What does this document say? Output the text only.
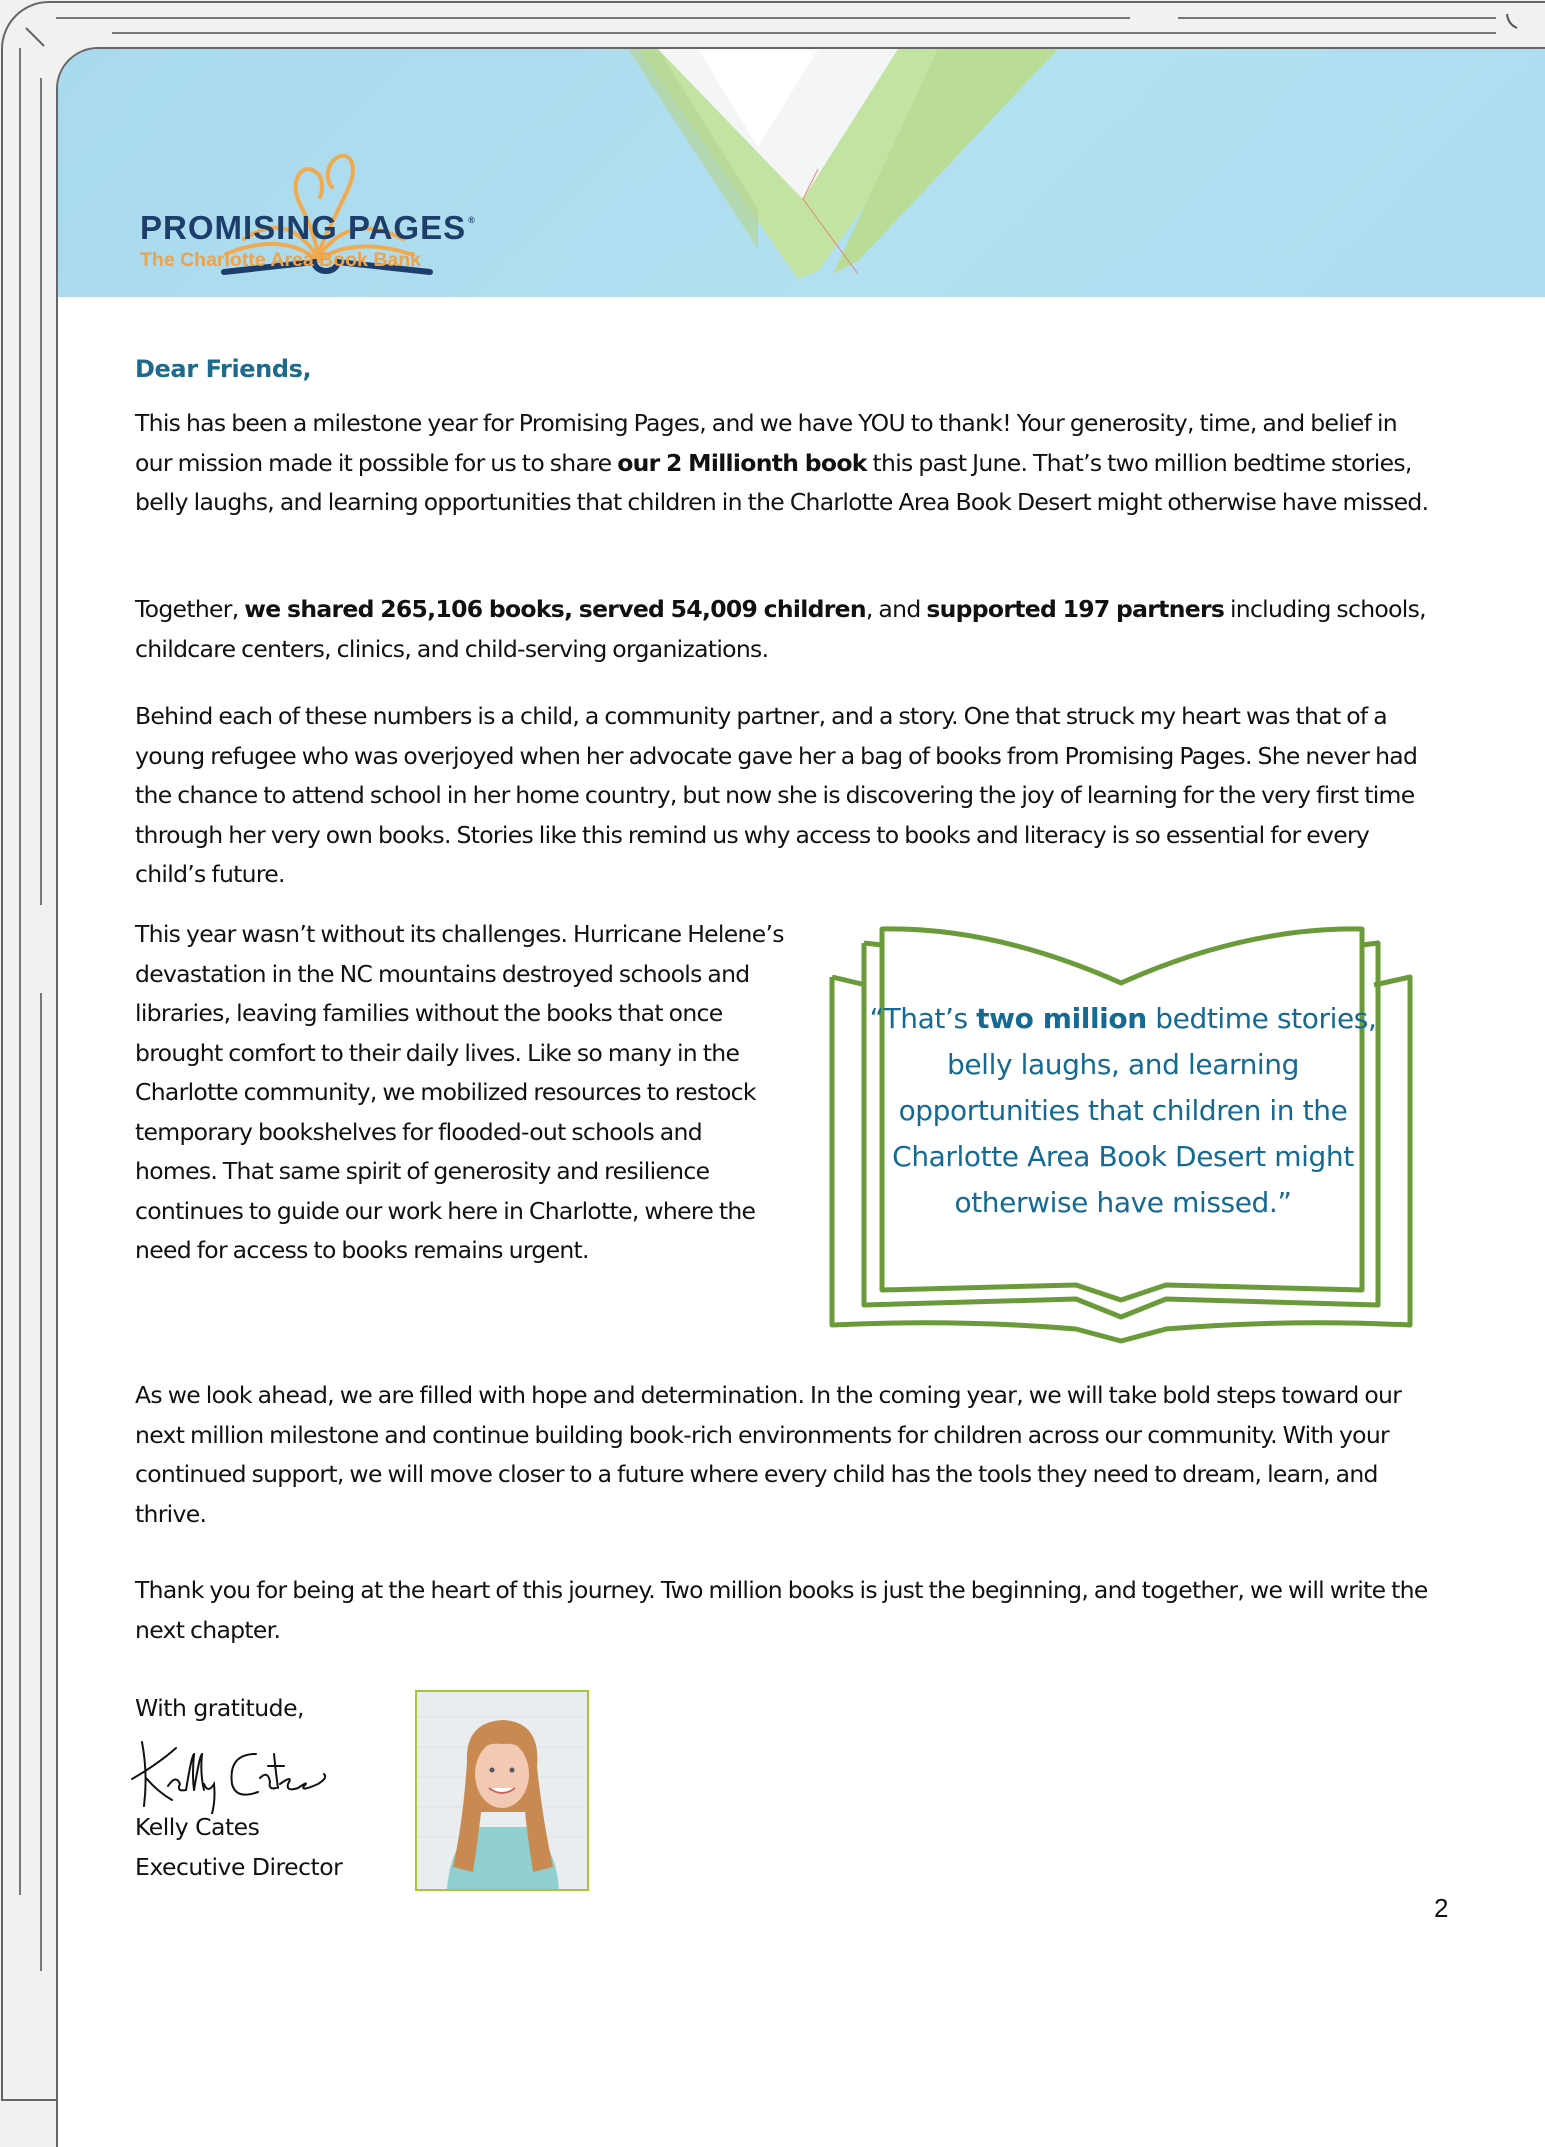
PROMISING PAGES ®
The Charlotte Area Book Bank
Dear Friends,
This has been a milestone year for Promising Pages, and we have YOU to thank! Your generosity, time, and belief in our mission made it possible for us to share our 2 Millionth book this past June. That’s two million bedtime stories, belly laughs, and learning opportunities that children in the Charlotte Area Book Desert might otherwise have missed.
Together, we shared 265,106 books, served 54,009 children, and supported 197 partners including schools, childcare centers, clinics, and child-serving organizations.
Behind each of these numbers is a child, a community partner, and a story. One that struck my heart was that of a young refugee who was overjoyed when her advocate gave her a bag of books from Promising Pages. She never had the chance to attend school in her home country, but now she is discovering the joy of learning for the very first time through her very own books. Stories like this remind us why access to books and literacy is so essential for every child’s future.
This year wasn’t without its challenges. Hurricane Helene’s devastation in the NC mountains destroyed schools and libraries, leaving families without the books that once brought comfort to their daily lives. Like so many in the Charlotte community, we mobilized resources to restock temporary bookshelves for flooded-out schools and homes. That same spirit of generosity and resilience continues to guide our work here in Charlotte, where the need for access to books remains urgent.
“That’s two million bedtime stories, belly laughs, and learning opportunities that children in the Charlotte Area Book Desert might otherwise have missed.”
As we look ahead, we are filled with hope and determination. In the coming year, we will take bold steps toward our next million milestone and continue building book-rich environments for children across our community. With your continued support, we will move closer to a future where every child has the tools they need to dream, learn, and thrive.
Thank you for being at the heart of this journey. Two million books is just the beginning, and together, we will write the next chapter.
With gratitude,
Kelly Cates
Executive Director
2
